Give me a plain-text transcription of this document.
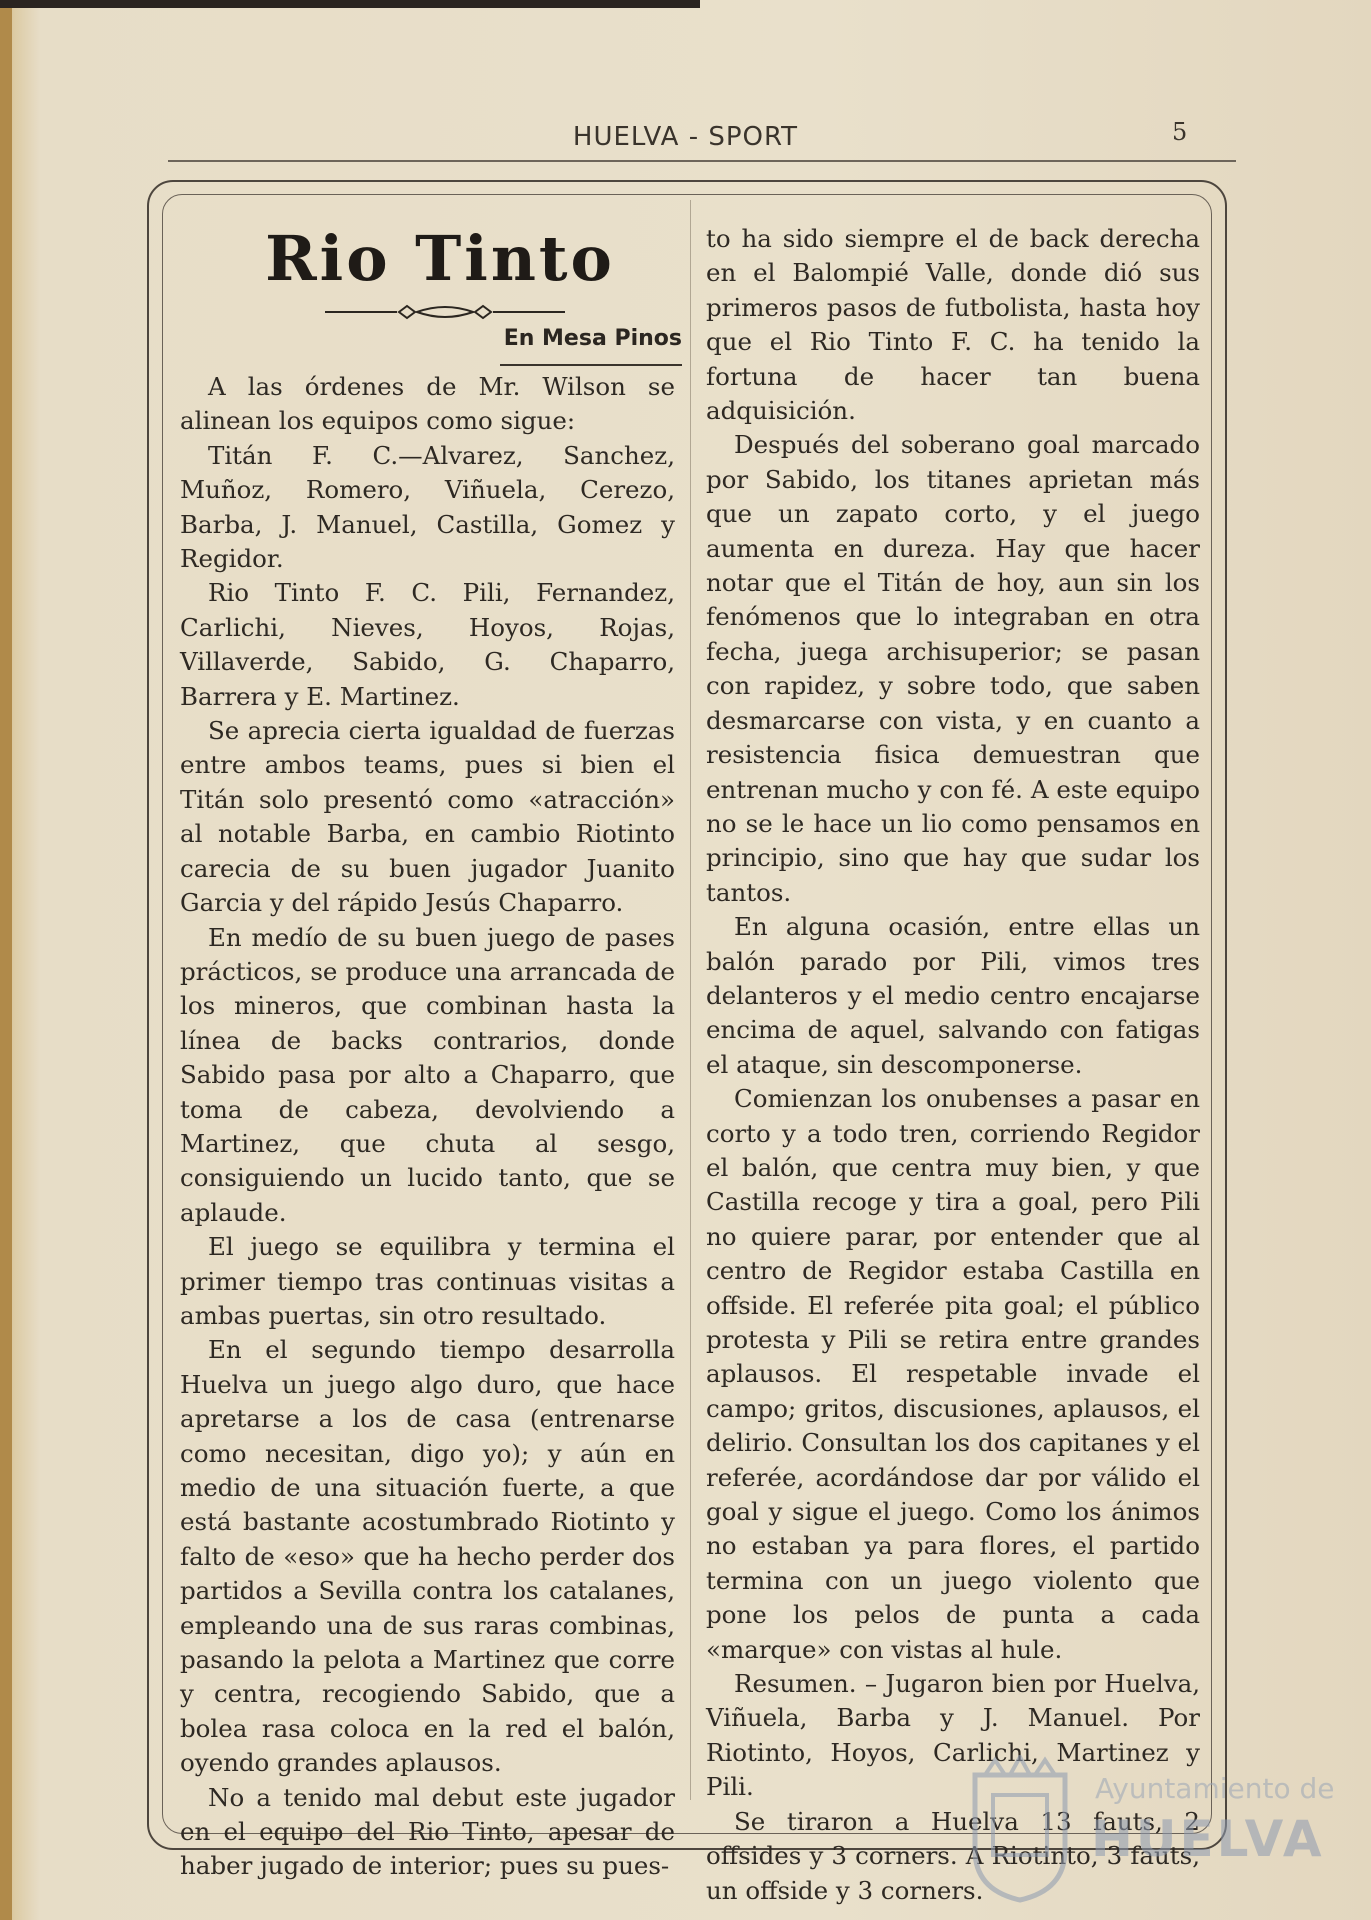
HUELVA - SPORT	5
Rio Tinto
En Mesa Pinos

A las órdenes de Mr. Wilson se alinean los equipos como sigue:

Titán F. C.—Alvarez, Sanchez, Muñoz, Romero, Viñuela, Cerezo, Barba, J. Manuel, Castilla, Gomez y Regidor.

Rio Tinto F. C. Pili, Fernandez, Carlichi, Nieves, Hoyos, Rojas, Villaverde, Sabido, G. Chaparro, Barrera y E. Martinez.

Se aprecia cierta igualdad de fuerzas entre ambos teams, pues si bien el Titán solo presentó como «atracción» al notable Barba, en cambio Riotinto carecia de su buen jugador Juanito Garcia y del rápido Jesús Chaparro.

En medío de su buen juego de pases prácticos, se produce una arrancada de los mineros, que combinan hasta la línea de backs contrarios, donde Sabido pasa por alto a Chaparro, que toma de cabeza, devolviendo a Martinez, que chuta al sesgo, consiguiendo un lucido tanto, que se aplaude.

El juego se equilibra y termina el primer tiempo tras continuas visitas a ambas puertas, sin otro resultado.

En el segundo tiempo desarrolla Huelva un juego algo duro, que hace apretarse a los de casa (entrenarse como necesitan, digo yo); y aún en medio de una situación fuerte, a que está bastante acostumbrado Riotinto y falto de «eso» que ha hecho perder dos partidos a Sevilla contra los catalanes, empleando una de sus raras combinas, pasando la pelota a Martinez que corre y centra, recogiendo Sabido, que a bolea rasa coloca en la red el balón, oyendo grandes aplausos.

No a tenido mal debut este jugador en el equipo del Rio Tinto, apesar de haber jugado de interior; pues su pues-

to ha sido siempre el de back derecha en el Balompié Valle, donde dió sus primeros pasos de futbolista, hasta hoy que el Rio Tinto F. C. ha tenido la fortuna de hacer tan buena adquisición.

Después del soberano goal marcado por Sabido, los titanes aprietan más que un zapato corto, y el juego aumenta en dureza. Hay que hacer notar que el Titán de hoy, aun sin los fenómenos que lo integraban en otra fecha, juega archisuperior; se pasan con rapidez, y sobre todo, que saben desmarcarse con vista, y en cuanto a resistencia fisica demuestran que entrenan mucho y con fé. A este equipo no se le hace un lio como pensamos en principio, sino que hay que sudar los tantos.

En alguna ocasión, entre ellas un balón parado por Pili, vimos tres delanteros y el medio centro encajarse encima de aquel, salvando con fatigas el ataque, sin descomponerse.

Comienzan los onubenses a pasar en corto y a todo tren, corriendo Regidor el balón, que centra muy bien, y que Castilla recoge y tira a goal, pero Pili no quiere parar, por entender que al centro de Regidor estaba Castilla en offside. El referée pita goal; el público protesta y Pili se retira entre grandes aplausos. El respetable invade el campo; gritos, discusiones, aplausos, el delirio. Consultan los dos capitanes y el referée, acordándose dar por válido el goal y sigue el juego. Como los ánimos no estaban ya para flores, el partido termina con un juego violento que pone los pelos de punta a cada «marque» con vistas al hule.

Resumen. – Jugaron bien por Huelva, Viñuela, Barba y J. Manuel. Por Riotinto, Hoyos, Carlichi, Martinez y Pili.

Se tiraron a Huelva 13 fauts, 2 offsides y 3 corners. A Riotinto, 3 fauts, un offside y 3 corners.

Ayuntamiento de
HUELVA
